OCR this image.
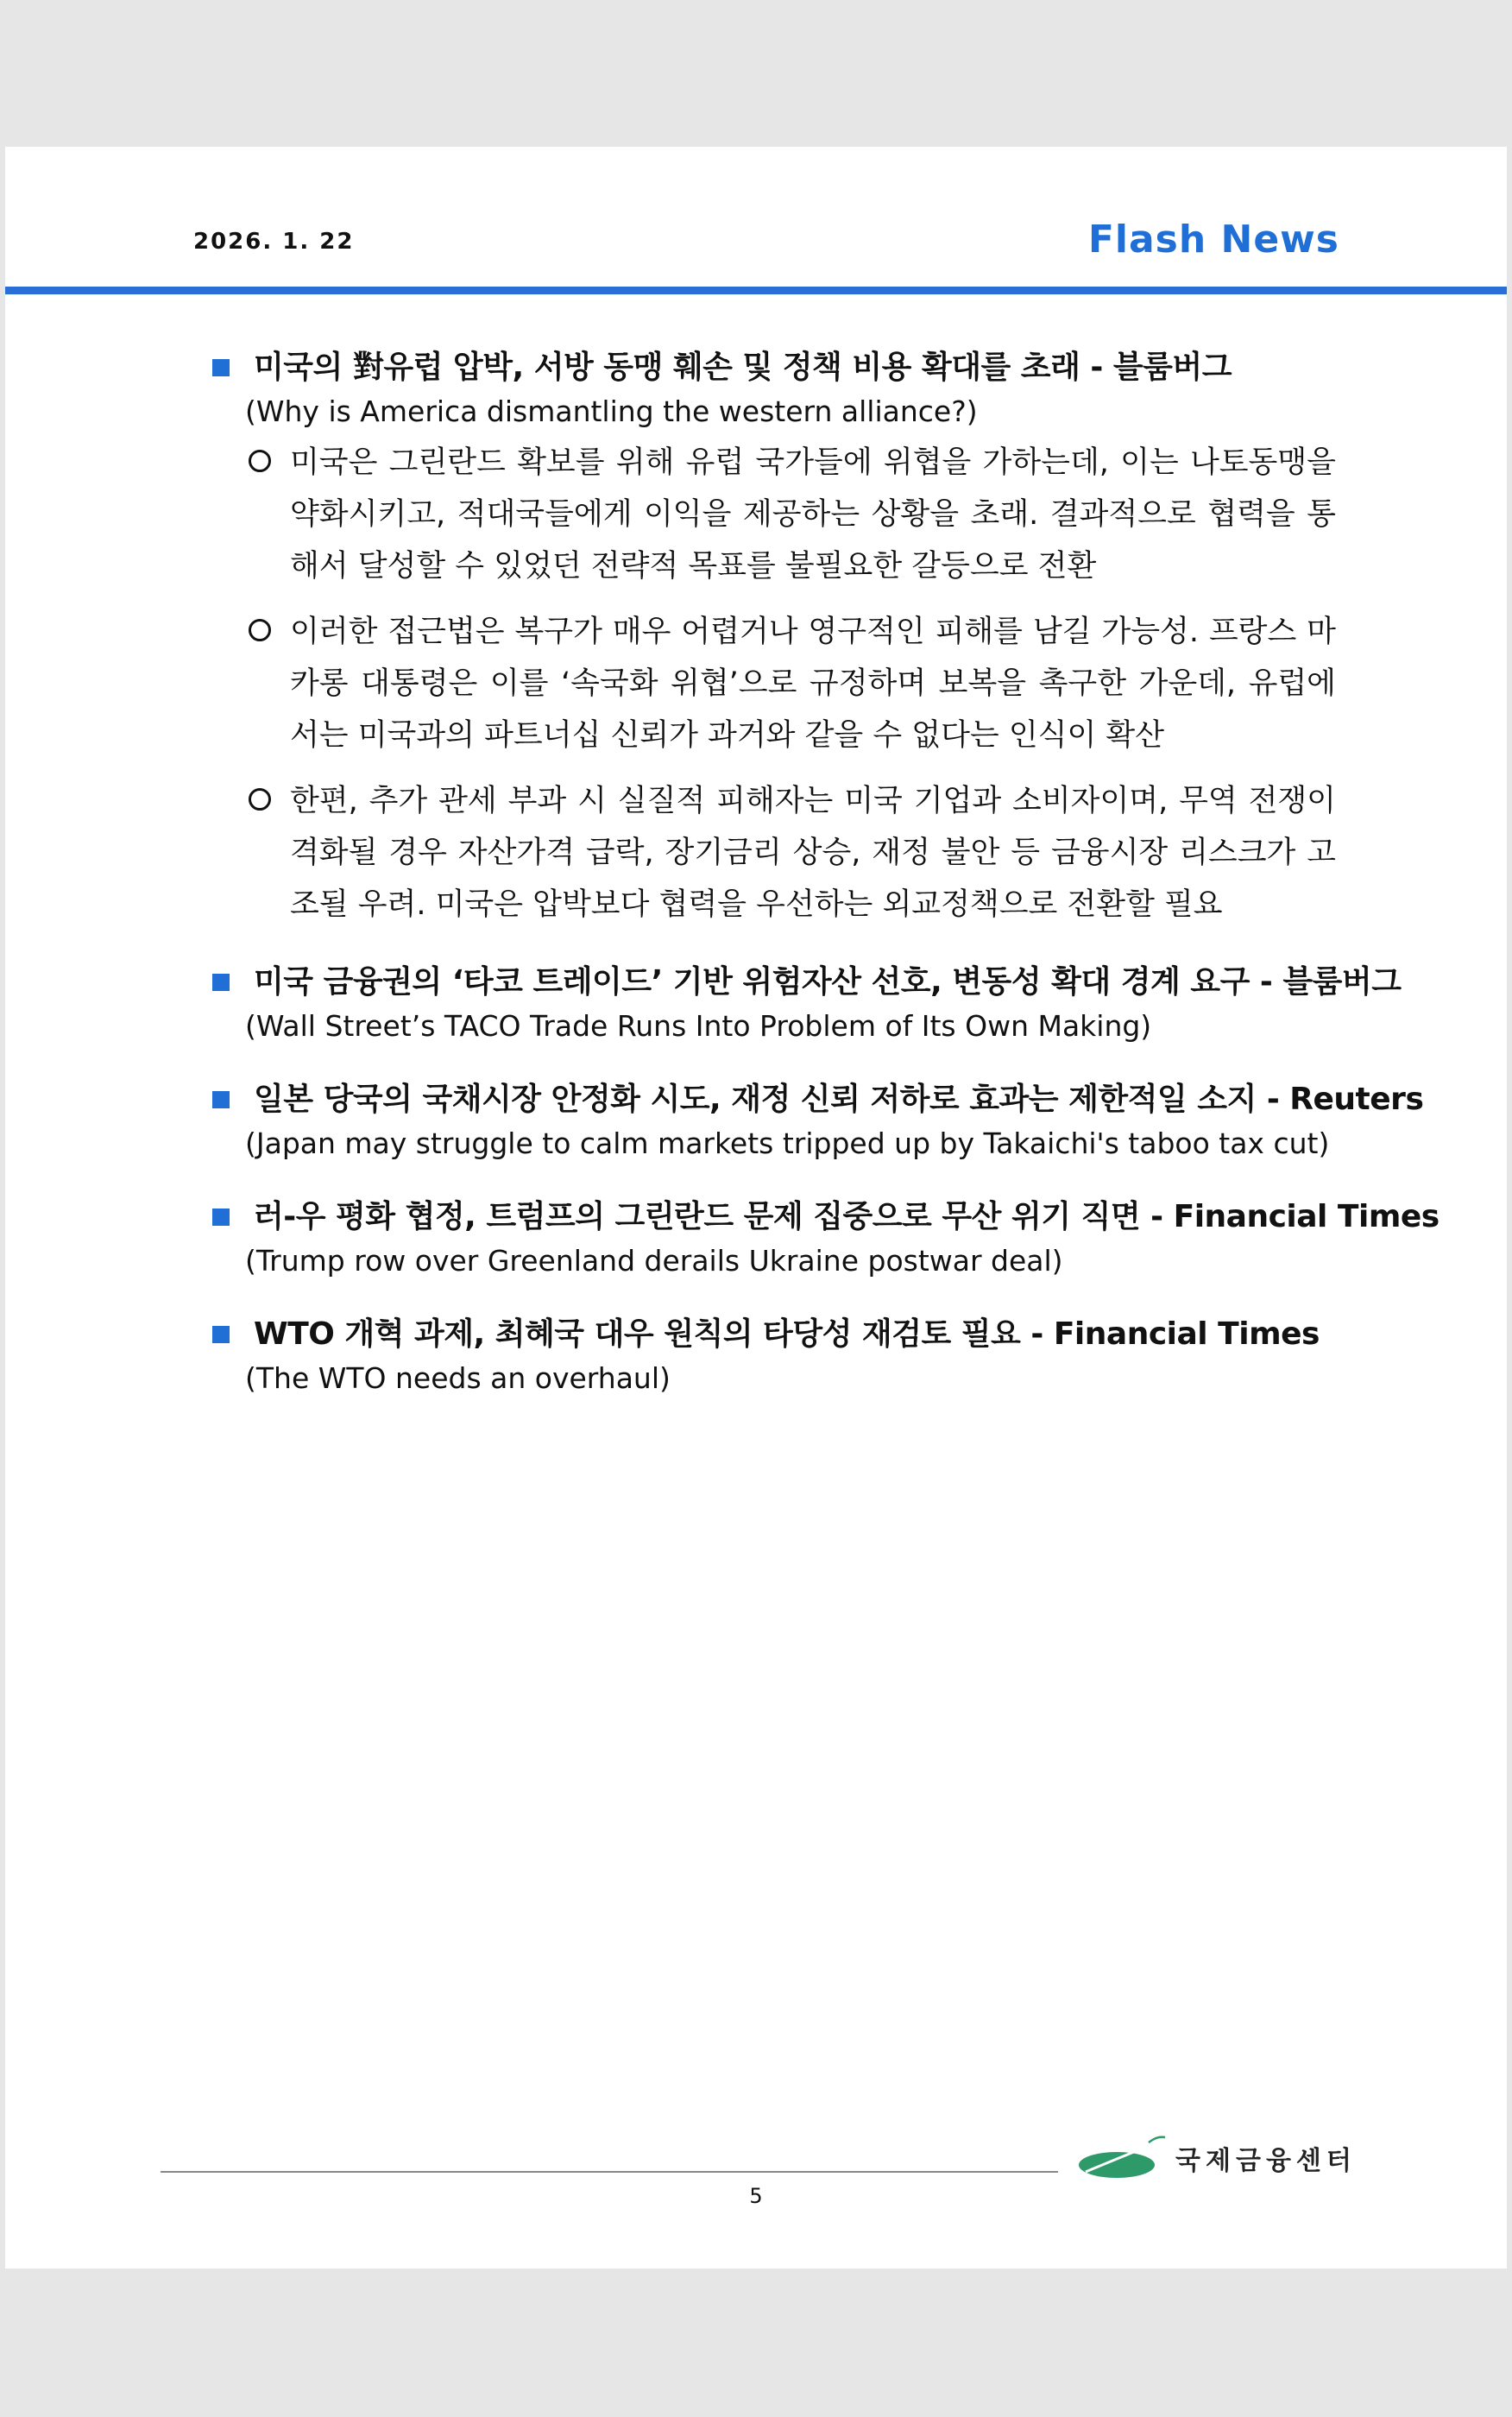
2026. 1. 22	Flash News
미국의 對유럽 압박, 서방 동맹 훼손 및 정책 비용 확대를 초래 - 블룸버그
(Why is America dismantling the western alliance?)
미국은 그린란드 확보를 위해 유럽 국가들에 위협을 가하는데, 이는 나토동맹을 약화시키고, 적대국들에게 이익을 제공하는 상황을 초래. 결과적으로 협력을 통해서 달성할 수 있었던 전략적 목표를 불필요한 갈등으로 전환
이러한 접근법은 복구가 매우 어렵거나 영구적인 피해를 남길 가능성. 프랑스 마카롱 대통령은 이를 ‘속국화 위협’으로 규정하며 보복을 촉구한 가운데, 유럽에서는 미국과의 파트너십 신뢰가 과거와 같을 수 없다는 인식이 확산
한편, 추가 관세 부과 시 실질적 피해자는 미국 기업과 소비자이며, 무역 전쟁이 격화될 경우 자산가격 급락, 장기금리 상승, 재정 불안 등 금융시장 리스크가 고조될 우려. 미국은 압박보다 협력을 우선하는 외교정책으로 전환할 필요
미국 금융권의 ‘타코 트레이드’ 기반 위험자산 선호, 변동성 확대 경계 요구 - 블룸버그
(Wall Street’s TACO Trade Runs Into Problem of Its Own Making)
일본 당국의 국채시장 안정화 시도, 재정 신뢰 저하로 효과는 제한적일 소지 - Reuters
(Japan may struggle to calm markets tripped up by Takaichi's taboo tax cut)
러-우 평화 협정, 트럼프의 그린란드 문제 집중으로 무산 위기 직면 - Financial Times
(Trump row over Greenland derails Ukraine postwar deal)
WTO 개혁 과제, 최혜국 대우 원칙의 타당성 재검토 필요 - Financial Times
(The WTO needs an overhaul)
5
국제금융센터
